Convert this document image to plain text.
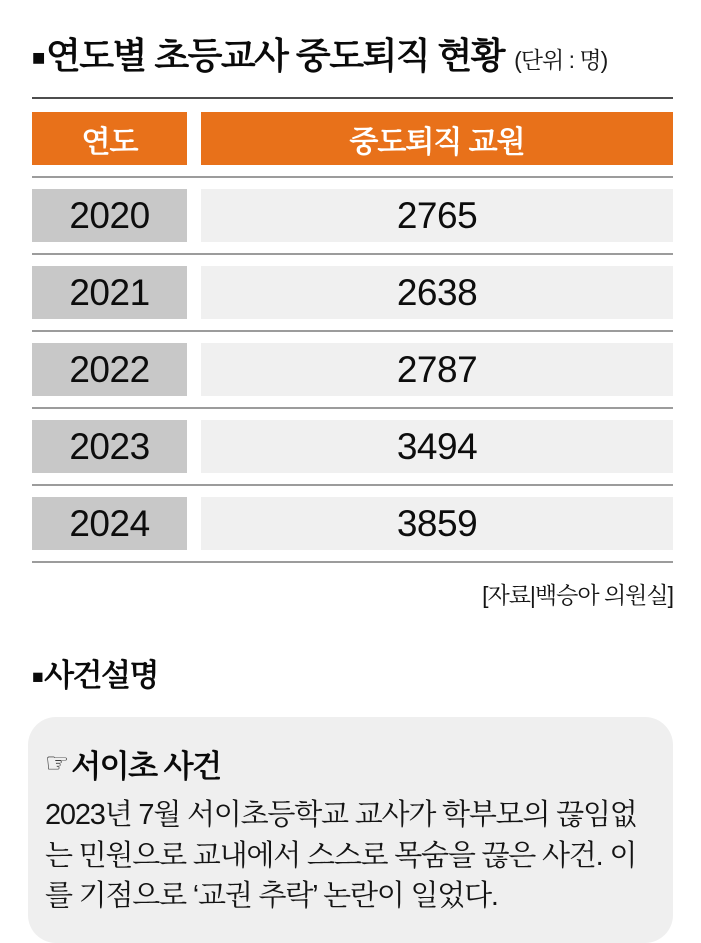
■연도별 초등교사 중도퇴직 현황 (단위 : 명)
연도	중도퇴직 교원
2020	2765
2021	2638
2022	2787
2023	3494
2024	3859
[자료|백승아 의원실]
■사건설명
☞ 서이초 사건
2023년 7월 서이초등학교 교사가 학부모의 끊임없는 민원으로 교내에서 스스로 목숨을 끊은 사건. 이를 기점으로 ‘교권 추락’ 논란이 일었다.
